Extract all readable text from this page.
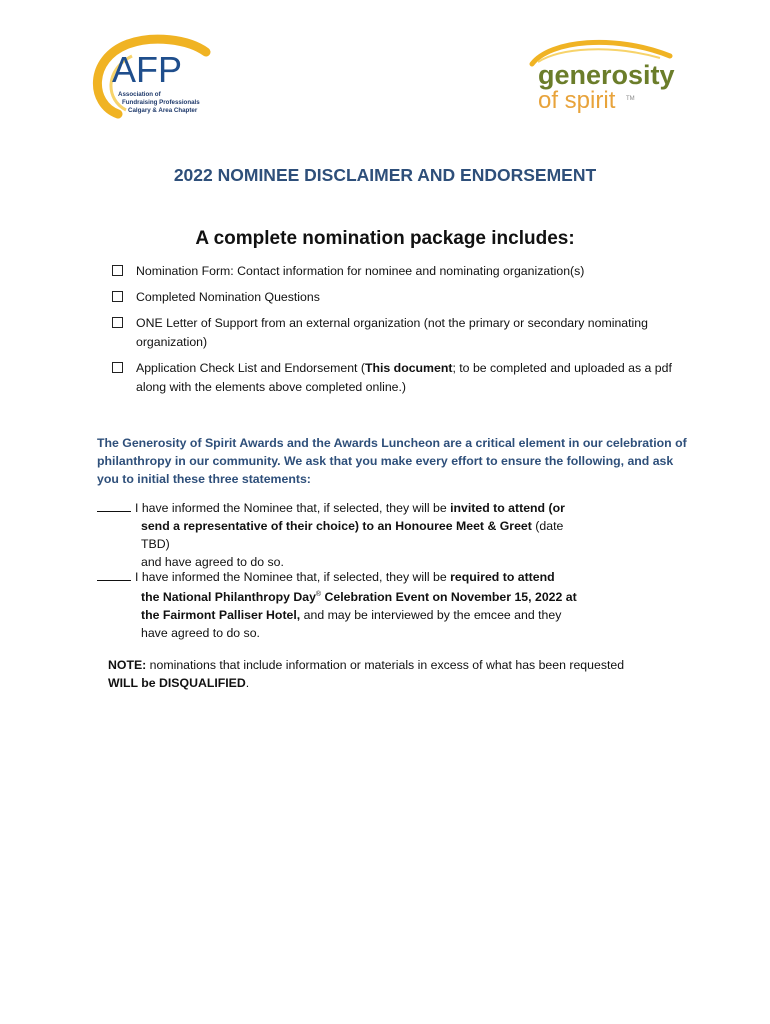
AFP
Association of
Fundraising Professionals
Calgary & Area Chapter
generosity
of spirit TM
2022 NOMINEE DISCLAIMER AND ENDORSEMENT
A complete nomination package includes:
Nomination Form: Contact information for nominee and nominating organization(s)
Completed Nomination Questions
ONE Letter of Support from an external organization (not the primary or secondary nominating organization)
Application Check List and Endorsement (This document; to be completed and uploaded as a pdf along with the elements above completed online.)
The Generosity of Spirit Awards and the Awards Luncheon are a critical element in our celebration of philanthropy in our community. We ask that you make every effort to ensure the following, and ask you to initial these three statements:
I have informed the Nominee that, if selected, they will be invited to attend (or
send a representative of their choice) to an Honouree Meet & Greet (date TBD)
and have agreed to do so.
I have informed the Nominee that, if selected, they will be required to attend
the National Philanthropy Day® Celebration Event on November 15, 2022 at
the Fairmont Palliser Hotel, and may be interviewed by the emcee and they
have agreed to do so.
NOTE: nominations that include information or materials in excess of what has been requested
WILL be DISQUALIFIED.
